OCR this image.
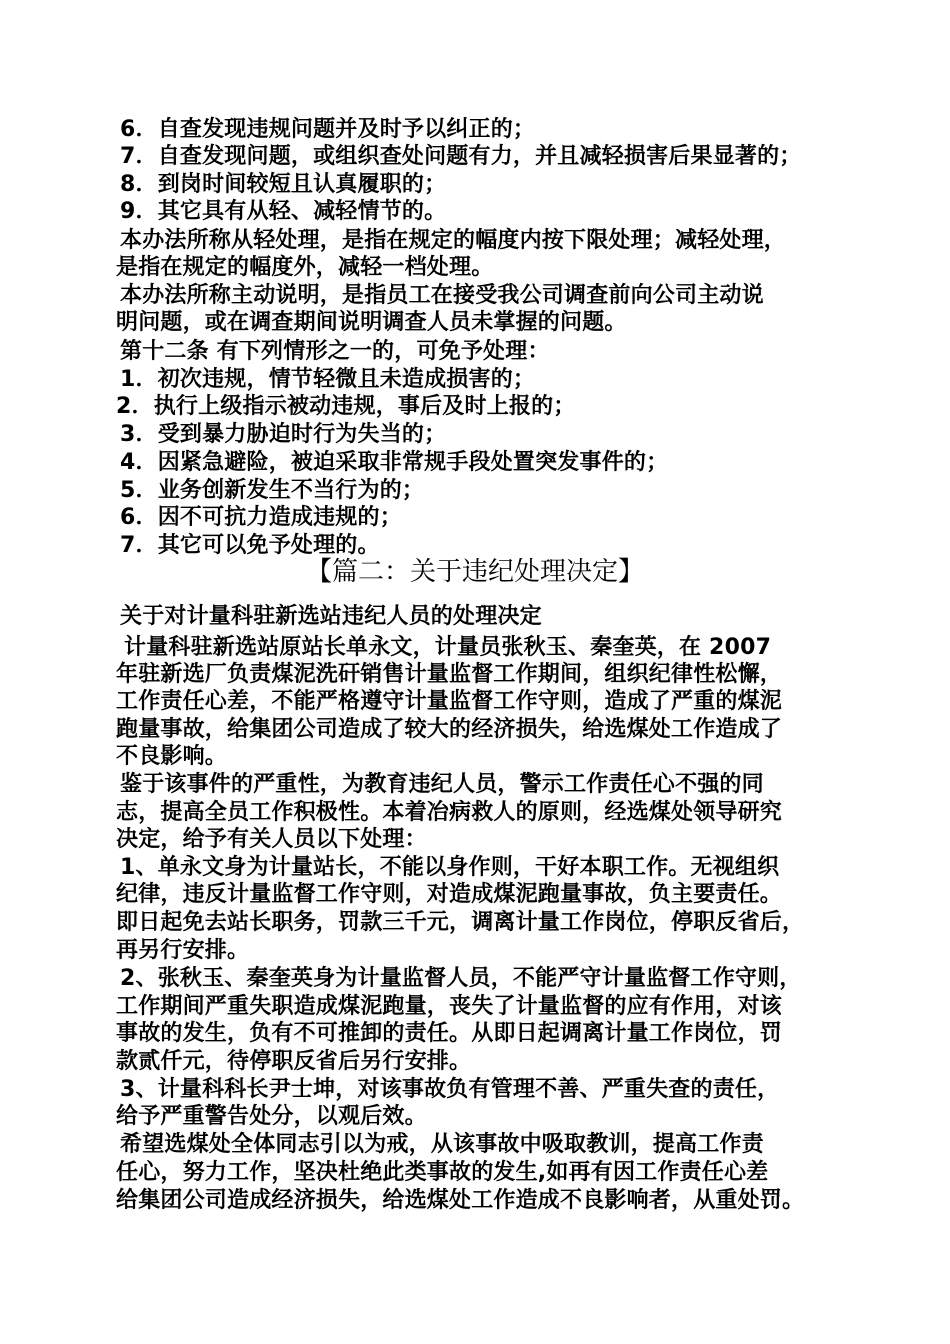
6．自查发现违规问题并及时予以纠正的；
7．自查发现问题，或组织查处问题有力，并且减轻损害后果显著的；
8．到岗时间较短且认真履职的；
9．其它具有从轻、减轻情节的。
本办法所称从轻处理，是指在规定的幅度内按下限处理；减轻处理，
是指在规定的幅度外，减轻一档处理。
本办法所称主动说明，是指员工在接受我公司调查前向公司主动说
明问题，或在调查期间说明调查人员未掌握的问题。
第十二条 有下列情形之一的，可免予处理：
1．初次违规，情节轻微且未造成损害的；
2．执行上级指示被动违规，事后及时上报的；
3．受到暴力胁迫时行为失当的；
4．因紧急避险，被迫采取非常规手段处置突发事件的；
5．业务创新发生不当行为的；
6．因不可抗力造成违规的；
7．其它可以免予处理的。
【篇二：关于违纪处理决定】
关于对计量科驻新选站违纪人员的处理决定
计量科驻新选站原站长单永文，计量员张秋玉、秦奎英，在 2007
年驻新选厂负责煤泥洗矸销售计量监督工作期间，组织纪律性松懈，
工作责任心差，不能严格遵守计量监督工作守则，造成了严重的煤泥
跑量事故，给集团公司造成了较大的经济损失，给选煤处工作造成了
不良影响。
鉴于该事件的严重性，为教育违纪人员，警示工作责任心不强的同
志，提高全员工作积极性。本着冶病救人的原则，经选煤处领导研究
决定，给予有关人员以下处理：
1、单永文身为计量站长，不能以身作则，干好本职工作。无视组织
纪律，违反计量监督工作守则，对造成煤泥跑量事故，负主要责任。
即日起免去站长职务，罚款三千元，调离计量工作岗位，停职反省后，
再另行安排。
2、张秋玉、秦奎英身为计量监督人员，不能严守计量监督工作守则，
工作期间严重失职造成煤泥跑量，丧失了计量监督的应有作用，对该
事故的发生，负有不可推卸的责任。从即日起调离计量工作岗位，罚
款贰仟元，待停职反省后另行安排。
3、计量科科长尹士坤，对该事故负有管理不善、严重失查的责任，
给予严重警告处分，以观后效。
希望选煤处全体同志引以为戒，从该事故中吸取教训，提高工作责
任心，努力工作，坚决杜绝此类事故的发生,如再有因工作责任心差
给集团公司造成经济损失，给选煤处工作造成不良影响者，从重处罚。
